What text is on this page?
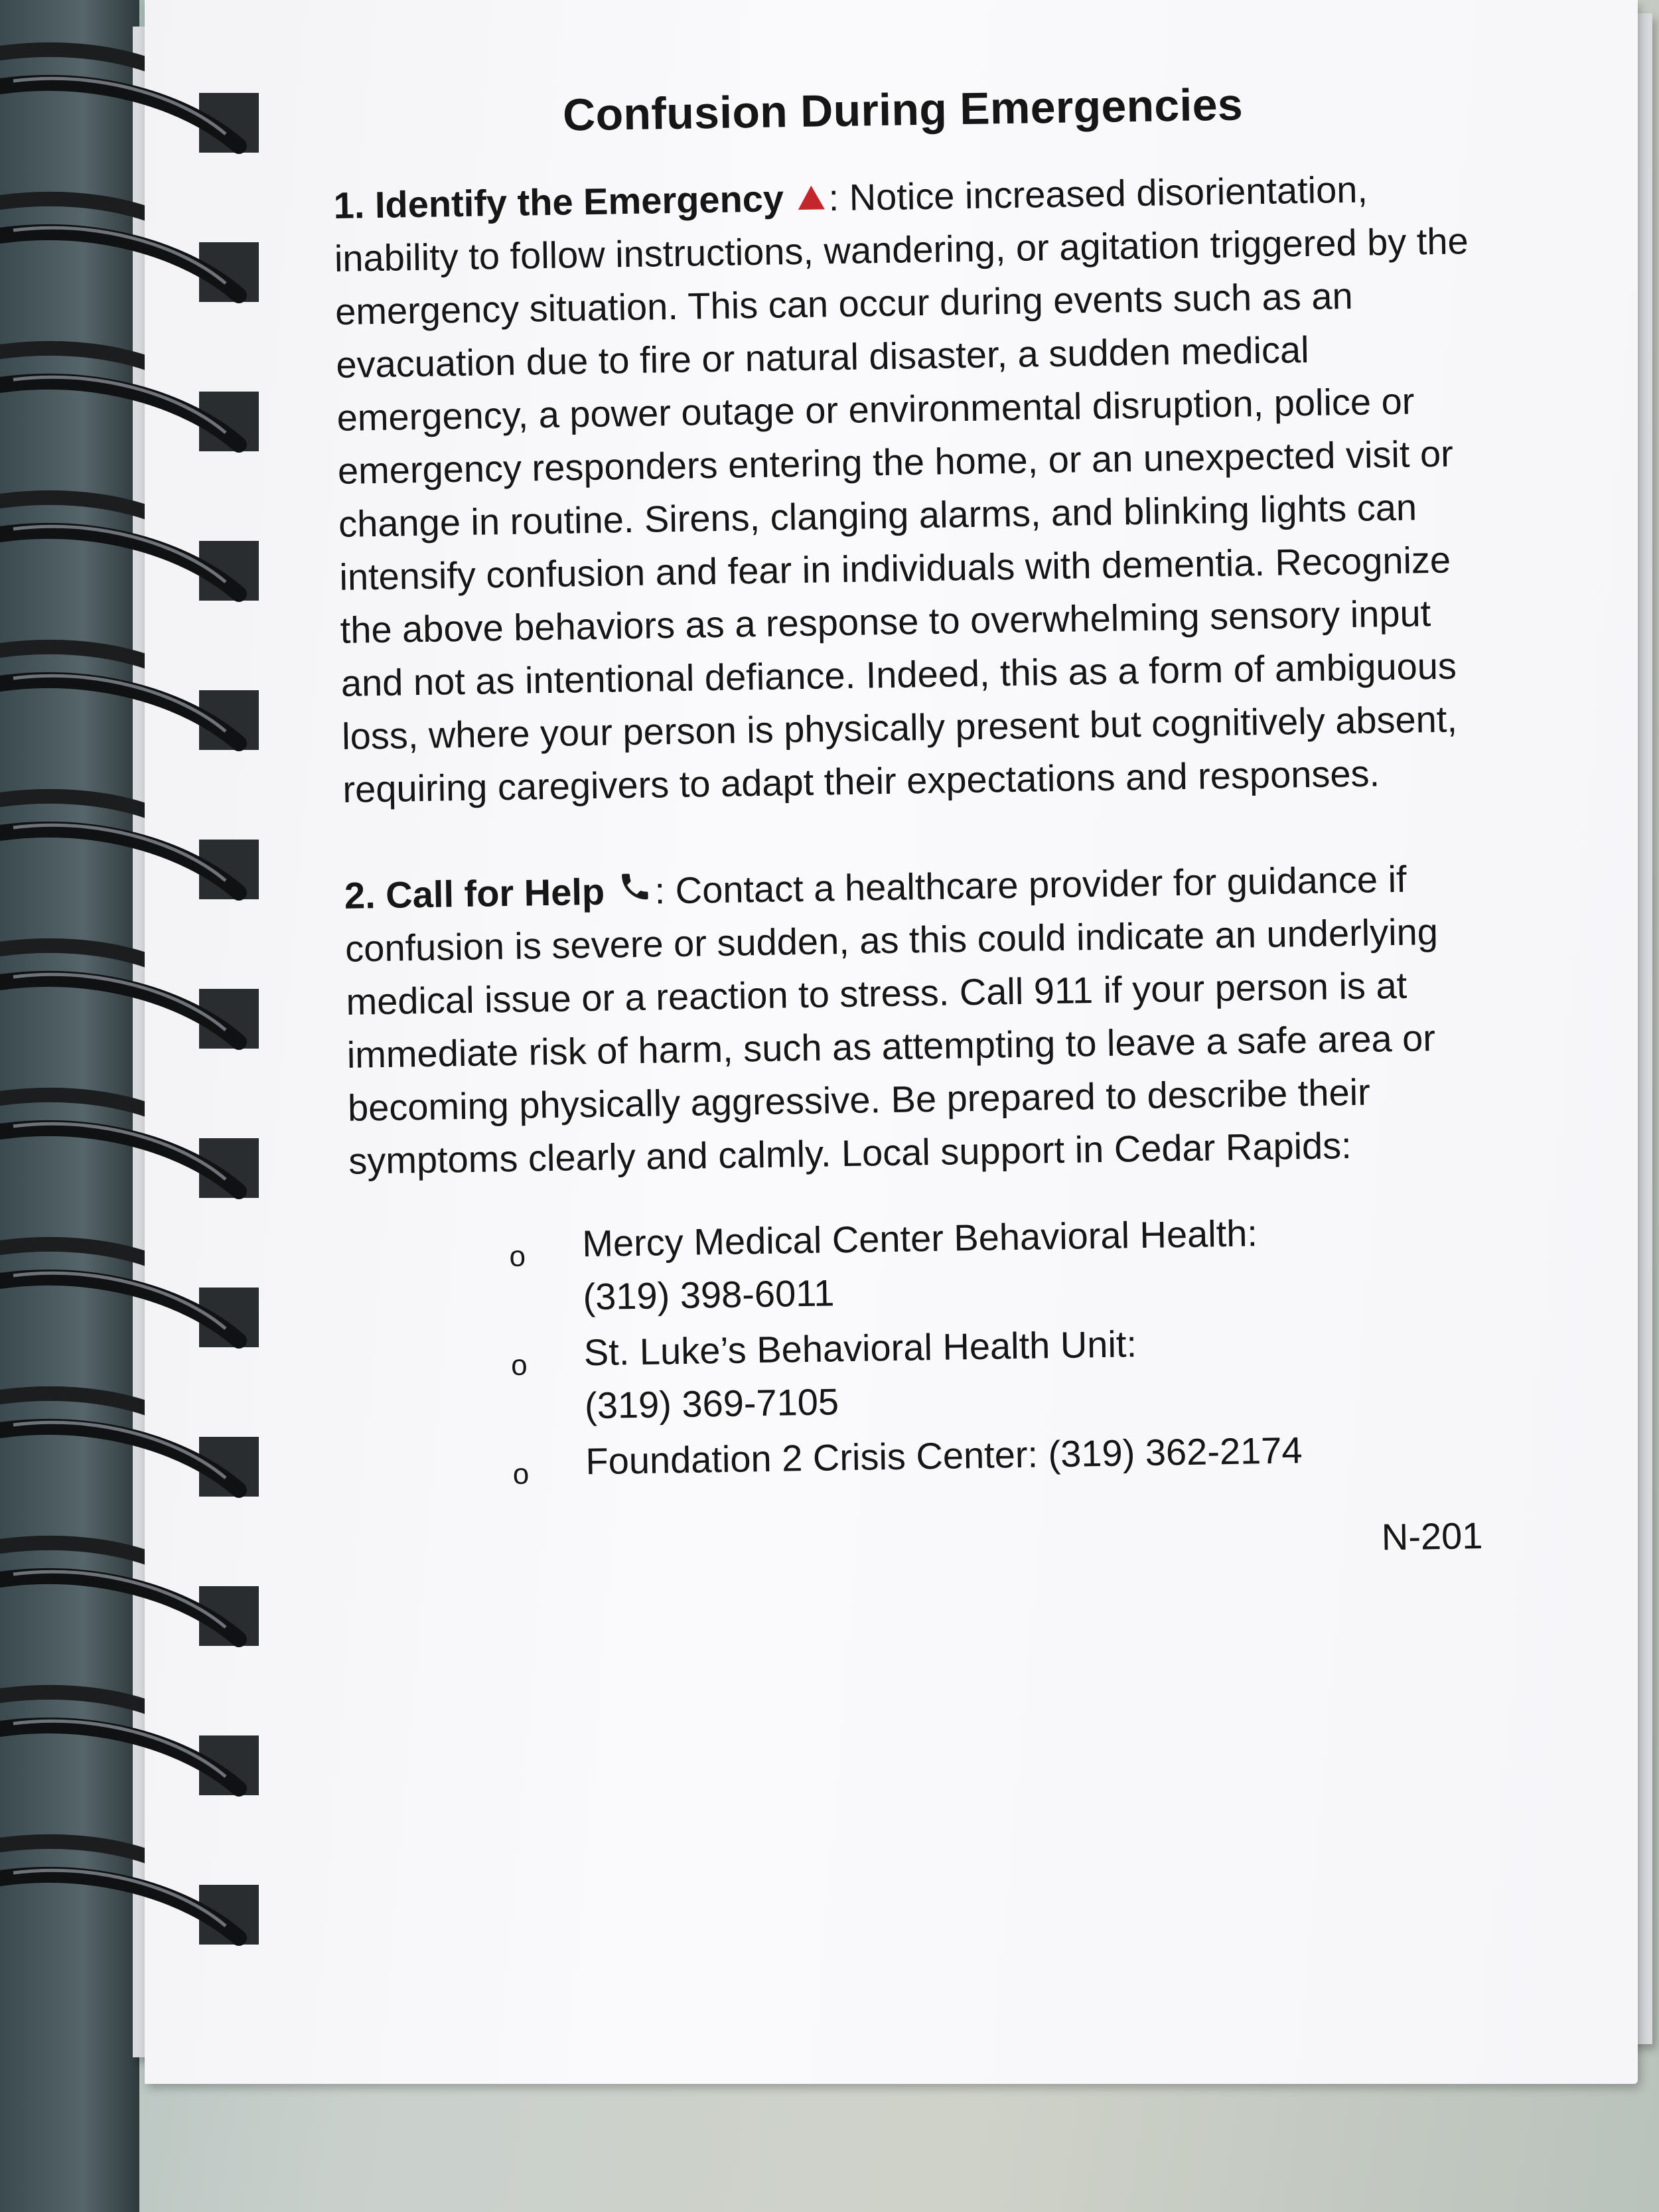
Confusion During Emergencies

1. Identify the Emergency : Notice increased disorientation, inability to follow instructions, wandering, or agitation triggered by the emergency situation. This can occur during events such as an evacuation due to fire or natural disaster, a sudden medical emergency, a power outage or environmental disruption, police or emergency responders entering the home, or an unexpected visit or change in routine. Sirens, clanging alarms, and blinking lights can intensify confusion and fear in individuals with dementia. Recognize the above behaviors as a response to overwhelming sensory input and not as intentional defiance. Indeed, this as a form of ambiguous loss, where your person is physically present but cognitively absent, requiring caregivers to adapt their expectations and responses.

2. Call for Help : Contact a healthcare provider for guidance if confusion is severe or sudden, as this could indicate an underlying medical issue or a reaction to stress. Call 911 if your person is at immediate risk of harm, such as attempting to leave a safe area or becoming physically aggressive. Be prepared to describe their symptoms clearly and calmly. Local support in Cedar Rapids:

o Mercy Medical Center Behavioral Health:
(319) 398-6011
o St. Luke’s Behavioral Health Unit:
(319) 369-7105
o Foundation 2 Crisis Center: (319) 362-2174
N-201
